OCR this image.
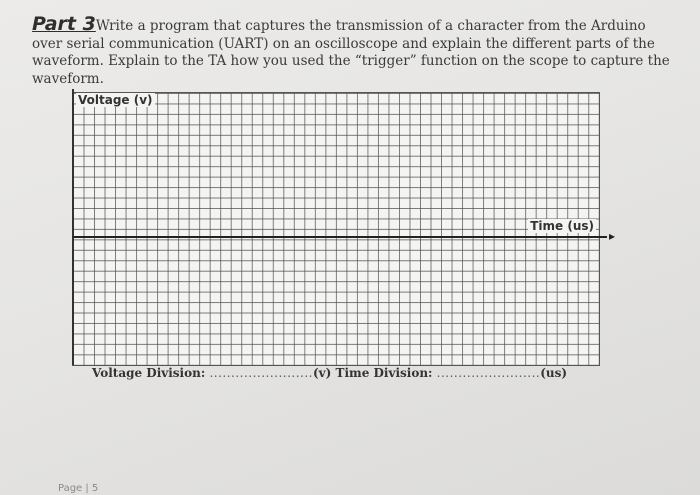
Part 3Write a program that captures the transmission of a character from the Arduino over serial communication (UART) on an oscilloscope and explain the different parts of the waveform. Explain to the TA how you used the “trigger” function on the scope to capture the waveform.
▸
Voltage (v)
Time (us)
Voltage Division: ........................(v) Time Division: ........................(us)
Page | 5
